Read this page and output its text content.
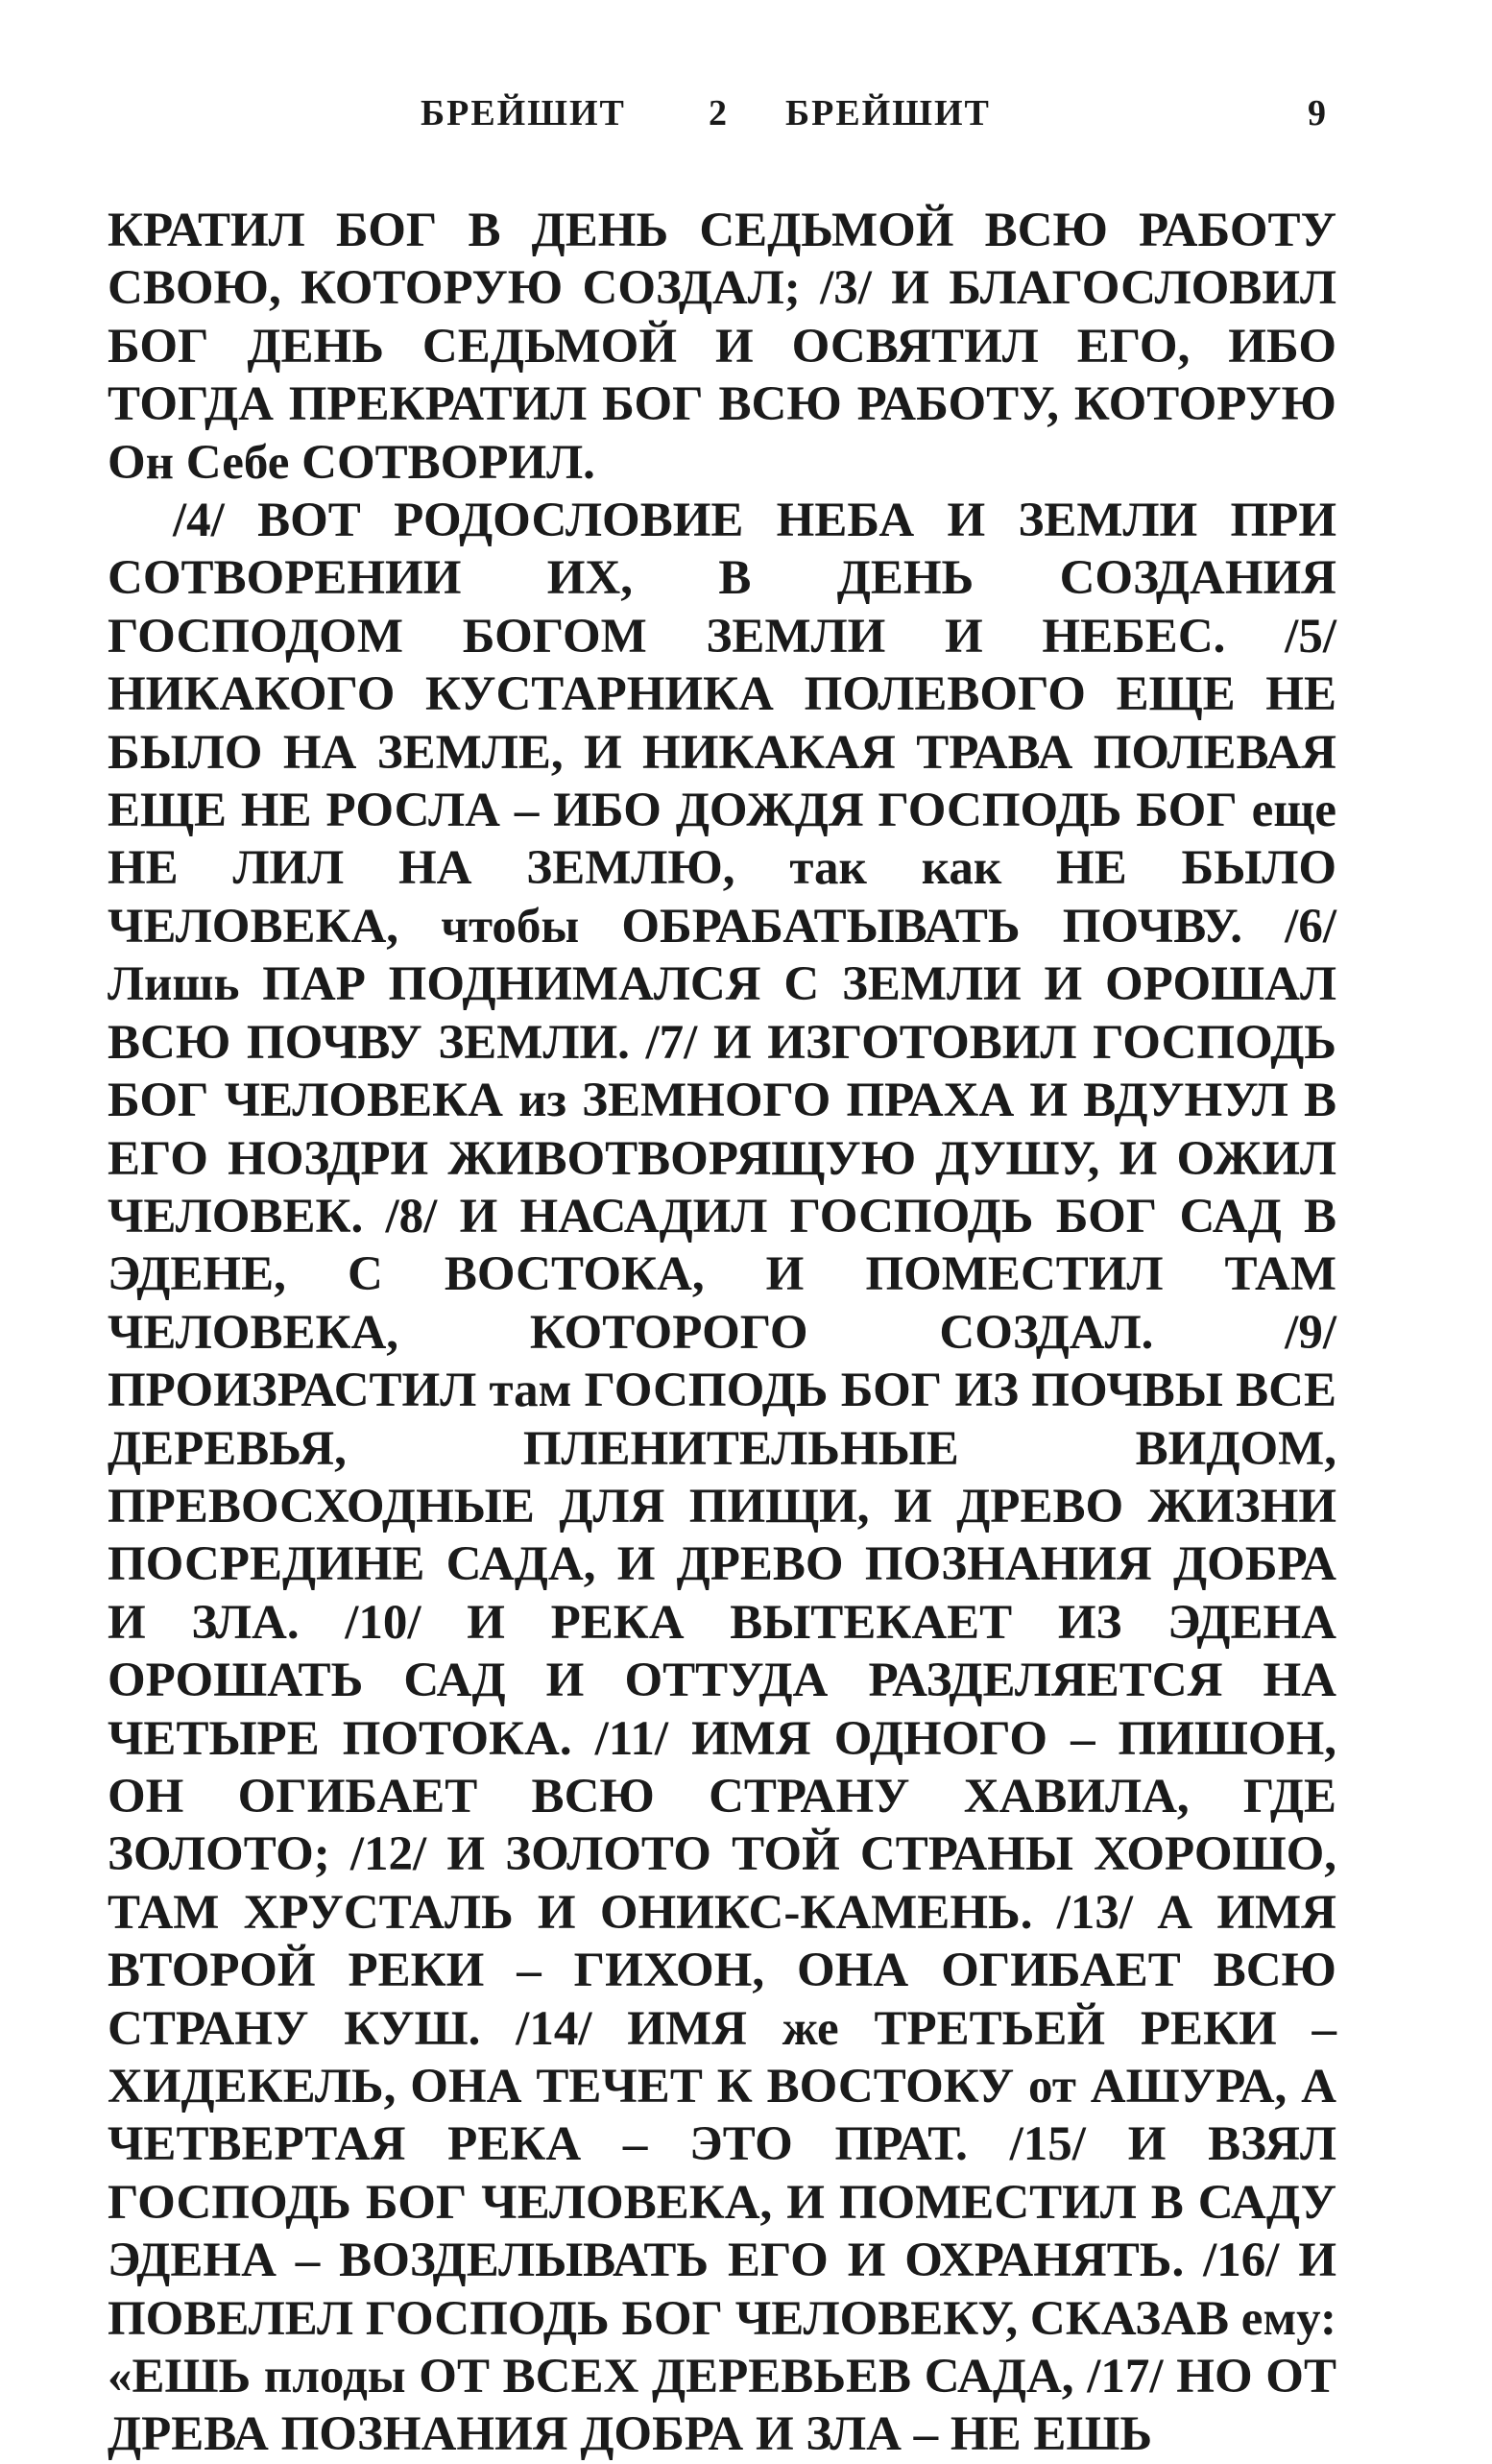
БРЕЙШИТ 2 БРЕЙШИТ	9

КРАТИЛ БОГ В ДЕНЬ СЕДЬМОЙ ВСЮ РАБОТУ СВОЮ, КОТОРУЮ СОЗДАЛ; /3/ И БЛАГОСЛОВИЛ БОГ ДЕНЬ СЕДЬМОЙ И ОСВЯТИЛ ЕГО, ИБО ТОГДА ПРЕКРАТИЛ БОГ ВСЮ РАБОТУ, КОТОРУЮ Он Себе СОТВОРИЛ.

/4/ ВОТ РОДОСЛОВИЕ НЕБА И ЗЕМЛИ ПРИ СОТВОРЕНИИ ИХ, В ДЕНЬ СОЗДАНИЯ ГОСПОДОМ БОГОМ ЗЕМЛИ И НЕБЕС. /5/ НИКАКОГО КУСТАРНИКА ПОЛЕВОГО ЕЩЕ НЕ БЫЛО НА ЗЕМЛЕ, И НИКАКАЯ ТРАВА ПОЛЕВАЯ ЕЩЕ НЕ РОСЛА – ИБО ДОЖДЯ ГОСПОДЬ БОГ еще НЕ ЛИЛ НА ЗЕМЛЮ, так как НЕ БЫЛО ЧЕЛОВЕКА, чтобы ОБРАБАТЫВАТЬ ПОЧВУ. /6/ Лишь ПАР ПОДНИМАЛСЯ С ЗЕМЛИ И ОРОШАЛ ВСЮ ПОЧВУ ЗЕМЛИ. /7/ И ИЗГОТОВИЛ ГОСПОДЬ БОГ ЧЕЛОВЕКА из ЗЕМНОГО ПРАХА И ВДУНУЛ В ЕГО НОЗДРИ ЖИВОТВОРЯЩУЮ ДУШУ, И ОЖИЛ ЧЕЛОВЕК. /8/ И НАСАДИЛ ГОСПОДЬ БОГ САД В ЭДЕНЕ, С ВОСТОКА, И ПОМЕСТИЛ ТАМ ЧЕЛОВЕКА, КОТОРОГО СОЗДАЛ. /9/ ПРОИЗРАСТИЛ там ГОСПОДЬ БОГ ИЗ ПОЧВЫ ВСЕ ДЕРЕВЬЯ, ПЛЕНИТЕЛЬНЫЕ ВИДОМ, ПРЕВОСХОДНЫЕ ДЛЯ ПИЩИ, И ДРЕВО ЖИЗНИ ПОСРЕДИНЕ САДА, И ДРЕВО ПОЗНАНИЯ ДОБРА И ЗЛА. /10/ И РЕКА ВЫТЕКАЕТ ИЗ ЭДЕНА ОРОШАТЬ САД И ОТТУДА РАЗДЕЛЯЕТСЯ НА ЧЕТЫРЕ ПОТОКА. /11/ ИМЯ ОДНОГО – ПИШОН, ОН ОГИБАЕТ ВСЮ СТРАНУ ХАВИЛА, ГДЕ ЗОЛОТО; /12/ И ЗОЛОТО ТОЙ СТРАНЫ ХОРОШО, ТАМ ХРУСТАЛЬ И ОНИКС-КАМЕНЬ. /13/ А ИМЯ ВТОРОЙ РЕКИ – ГИХОН, ОНА ОГИБАЕТ ВСЮ СТРАНУ КУШ. /14/ ИМЯ же ТРЕТЬЕЙ РЕКИ – ХИДЕКЕЛЬ, ОНА ТЕЧЕТ К ВОСТОКУ от АШУРА, А ЧЕТВЕРТАЯ РЕКА – ЭТО ПРАТ. /15/ И ВЗЯЛ ГОСПОДЬ БОГ ЧЕЛОВЕКА, И ПОМЕСТИЛ В САДУ ЭДЕНА – ВОЗДЕЛЫВАТЬ ЕГО И ОХРАНЯТЬ. /16/ И ПОВЕЛЕЛ ГОСПОДЬ БОГ ЧЕЛОВЕКУ, СКАЗАВ ему: «ЕШЬ плоды ОТ ВСЕХ ДЕРЕВЬЕВ САДА, /17/ НО ОТ ДРЕВА ПОЗНАНИЯ ДОБРА И ЗЛА – НЕ ЕШЬ
